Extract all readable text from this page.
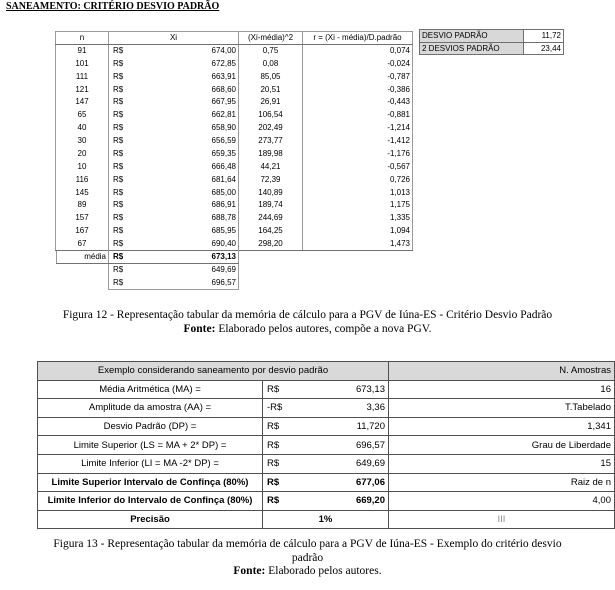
SANEAMENTO: CRITÉRIO DESVIO PADRÃO
n	Xi		(Xi-média)^2	r = (Xi - média)/D.padrão
91	R$	674,00	0,75	0,074
101	R$	672,85	0,08	-0,024
111	R$	663,91	85,05	-0,787
121	R$	668,60	20,51	-0,386
147	R$	667,95	26,91	-0,443
65	R$	662,81	106,54	-0,881
40	R$	658,90	202,49	-1,214
30	R$	656,59	273,77	-1,412
20	R$	659,35	189,98	-1,176
10	R$	666,48	44,21	-0,567
116	R$	681,64	72,39	0,726
145	R$	685,00	140,89	1,013
89	R$	686,91	189,74	1,175
157	R$	688,78	244,69	1,335
167	R$	685,95	164,25	1,094
67	R$	690,40	298,20	1,473
média	R$	673,13
	R$	649,69
	R$	696,57
DESVIO PADRÃO	11,72
2 DESVIOS PADRÃO	23,44
Figura 12 - Representação tabular da memória de cálculo para a PGV de Iúna-ES - Critério Desvio Padrão
Fonte: Elaborado pelos autores, compõe a nova PGV.
Exemplo considerando saneamento por desvio padrão			N. Amostras
Média Aritmética (MA) =	R$	673,13	16
Amplitude da amostra (AA) =	-R$	3,36	T.Tabelado
Desvio Padrão (DP) =	R$	11,720	1,341
Limite Superior (LS = MA + 2* DP) =	R$	696,57	Grau de Liberdade
Limite Inferior (LI = MA -2* DP) =	R$	649,69	15
Limite Superior Intervalo de Confinça (80%)	R$	677,06	Raiz de n
Limite Inferior do Intervalo de Confinça (80%)	R$	669,20	4,00
Precisão	1%		III
Figura 13 - Representação tabular da memória de cálculo para a PGV de Iúna-ES - Exemplo do critério desvio
padrão
Fonte: Elaborado pelos autores.
